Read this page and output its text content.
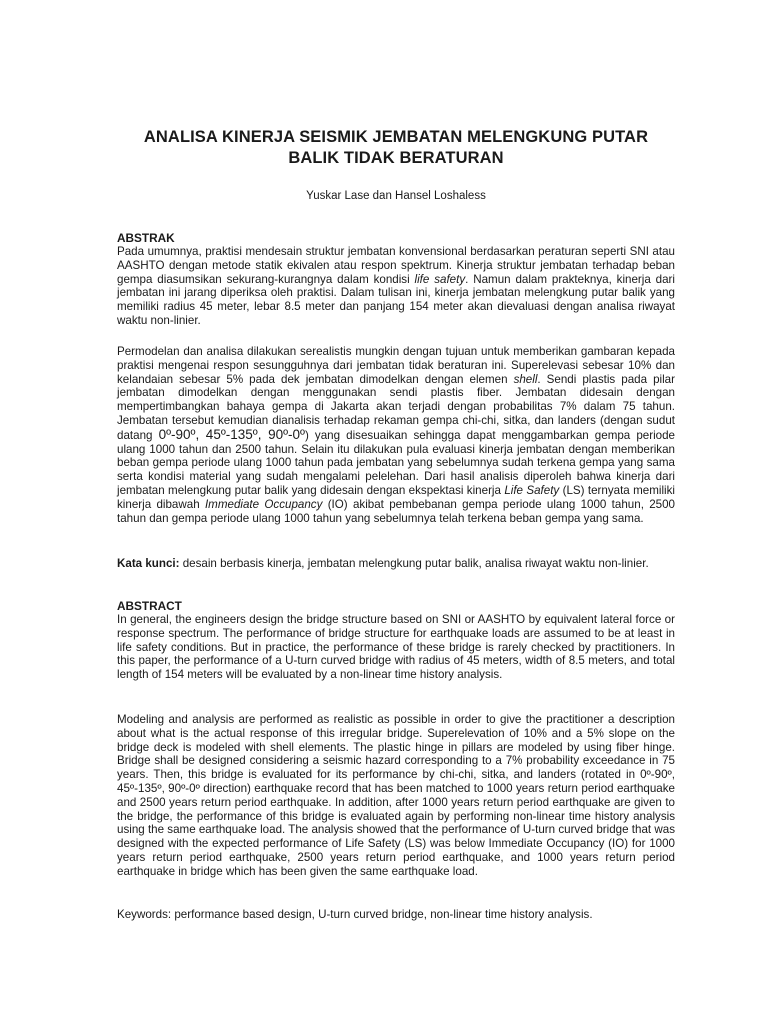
ANALISA KINERJA SEISMIK JEMBATAN MELENGKUNG PUTAR BALIK TIDAK BERATURAN

Yuskar Lase dan Hansel Loshaless

ABSTRAK

Pada umumnya, praktisi mendesain struktur jembatan konvensional berdasarkan peraturan seperti SNI atau AASHTO dengan metode statik ekivalen atau respon spektrum. Kinerja struktur jembatan terhadap beban gempa diasumsikan sekurang-kurangnya dalam kondisi life safety. Namun dalam prakteknya, kinerja dari jembatan ini jarang diperiksa oleh praktisi. Dalam tulisan ini, kinerja jembatan melengkung putar balik yang memiliki radius 45 meter, lebar 8.5 meter dan panjang 154 meter akan dievaluasi dengan analisa riwayat waktu non-linier.

Permodelan dan analisa dilakukan serealistis mungkin dengan tujuan untuk memberikan gambaran kepada praktisi mengenai respon sesungguhnya dari jembatan tidak beraturan ini. Superelevasi sebesar 10% dan kelandaian sebesar 5% pada dek jembatan dimodelkan dengan elemen shell. Sendi plastis pada pilar jembatan dimodelkan dengan menggunakan sendi plastis fiber. Jembatan didesain dengan mempertimbangkan bahaya gempa di Jakarta akan terjadi dengan probabilitas 7% dalam 75 tahun. Jembatan tersebut kemudian dianalisis terhadap rekaman gempa chi-chi, sitka, dan landers (dengan sudut datang 0º-90º, 45º-135º, 90º-0º) yang disesuaikan sehingga dapat menggambarkan gempa periode ulang 1000 tahun dan 2500 tahun. Selain itu dilakukan pula evaluasi kinerja jembatan dengan memberikan beban gempa periode ulang 1000 tahun pada jembatan yang sebelumnya sudah terkena gempa yang sama serta kondisi material yang sudah mengalami pelelehan. Dari hasil analisis diperoleh bahwa kinerja dari jembatan melengkung putar balik yang didesain dengan ekspektasi kinerja Life Safety (LS) ternyata memiliki kinerja dibawah Immediate Occupancy (IO) akibat pembebanan gempa periode ulang 1000 tahun, 2500 tahun dan gempa periode ulang 1000 tahun yang sebelumnya telah terkena beban gempa yang sama.

Kata kunci: desain berbasis kinerja, jembatan melengkung putar balik, analisa riwayat waktu non-linier.

ABSTRACT

In general, the engineers design the bridge structure based on SNI or AASHTO by equivalent lateral force or response spectrum. The performance of bridge structure for earthquake loads are assumed to be at least in life safety conditions. But in practice, the performance of these bridge is rarely checked by practitioners. In this paper, the performance of a U-turn curved bridge with radius of 45 meters, width of 8.5 meters, and total length of 154 meters will be evaluated by a non-linear time history analysis.

Modeling and analysis are performed as realistic as possible in order to give the practitioner a description about what is the actual response of this irregular bridge. Superelevation of 10% and a 5% slope on the bridge deck is modeled with shell elements. The plastic hinge in pillars are modeled by using fiber hinge. Bridge shall be designed considering a seismic hazard corresponding to a 7% probability exceedance in 75 years. Then, this bridge is evaluated for its performance by chi-chi, sitka, and landers (rotated in 0º-90º, 45º-135º, 90º-0º direction) earthquake record that has been matched to 1000 years return period earthquake and 2500 years return period earthquake. In addition, after 1000 years return period earthquake are given to the bridge, the performance of this bridge is evaluated again by performing non-linear time history analysis using the same earthquake load. The analysis showed that the performance of U-turn curved bridge that was designed with the expected performance of Life Safety (LS) was below Immediate Occupancy (IO) for 1000 years return period earthquake, 2500 years return period earthquake, and 1000 years return period earthquake in bridge which has been given the same earthquake load.

Keywords: performance based design, U-turn curved bridge, non-linear time history analysis.
